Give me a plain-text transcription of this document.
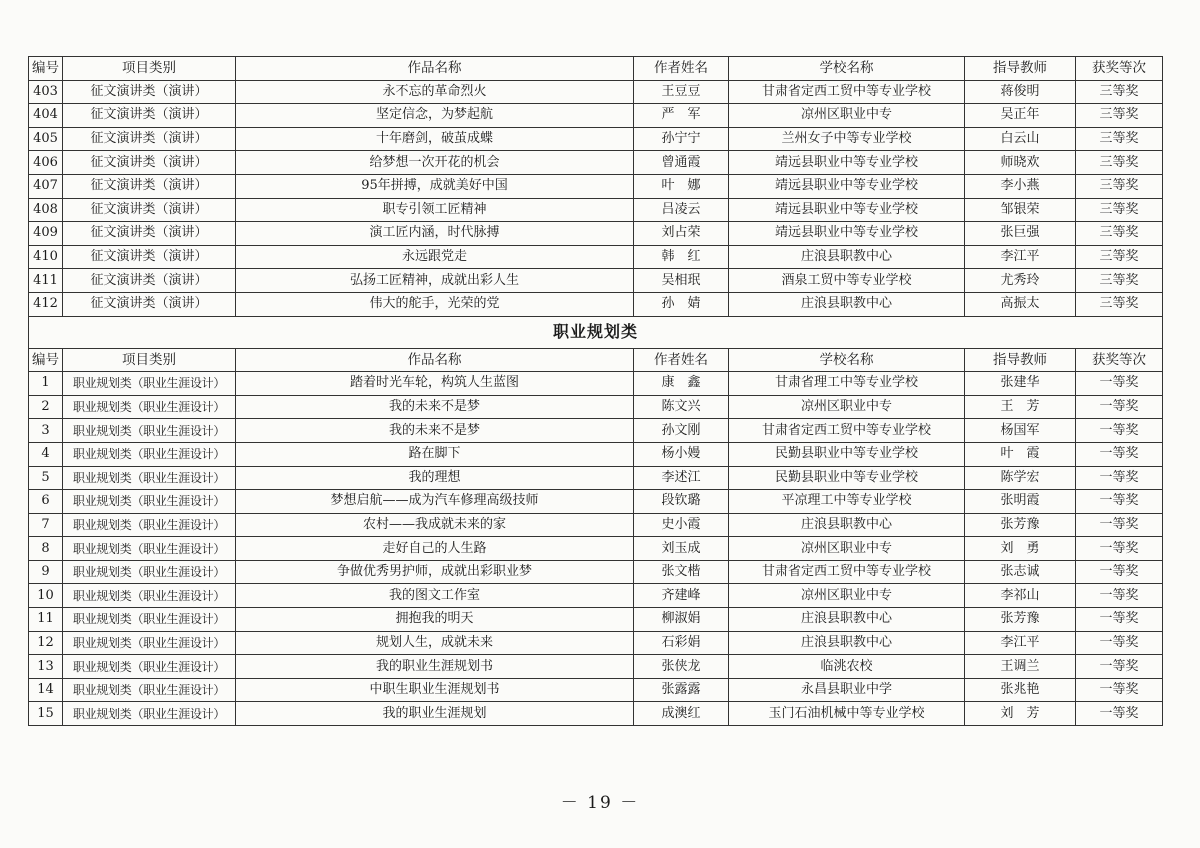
编号	项目类别	作品名称	作者姓名	学校名称	指导教师	获奖等次
403	征文演讲类（演讲）	永不忘的革命烈火	王豆豆	甘肃省定西工贸中等专业学校	蒋俊明	三等奖
404	征文演讲类（演讲）	坚定信念，为梦起航	严　军	凉州区职业中专	吴正年	三等奖
405	征文演讲类（演讲）	十年磨剑，破茧成蝶	孙宁宁	兰州女子中等专业学校	白云山	三等奖
406	征文演讲类（演讲）	给梦想一次开花的机会	曾通霞	靖远县职业中等专业学校	师晓欢	三等奖
407	征文演讲类（演讲）	95年拼搏，成就美好中国	叶　娜	靖远县职业中等专业学校	李小燕	三等奖
408	征文演讲类（演讲）	职专引领工匠精神	吕凌云	靖远县职业中等专业学校	邹银荣	三等奖
409	征文演讲类（演讲）	演工匠内涵，时代脉搏	刘占荣	靖远县职业中等专业学校	张巨强	三等奖
410	征文演讲类（演讲）	永远跟党走	韩　红	庄浪县职教中心	李江平	三等奖
411	征文演讲类（演讲）	弘扬工匠精神，成就出彩人生	吴相珉	酒泉工贸中等专业学校	尤秀玲	三等奖
412	征文演讲类（演讲）	伟大的舵手，光荣的党	孙　婧	庄浪县职教中心	高振太	三等奖
职业规划类						
编号	项目类别	作品名称	作者姓名	学校名称	指导教师	获奖等次
1	职业规划类（职业生涯设计）	踏着时光车轮，构筑人生蓝图	康　鑫	甘肃省理工中等专业学校	张建华	一等奖
2	职业规划类（职业生涯设计）	我的未来不是梦	陈文兴	凉州区职业中专	王　芳	一等奖
3	职业规划类（职业生涯设计）	我的未来不是梦	孙文刚	甘肃省定西工贸中等专业学校	杨国军	一等奖
4	职业规划类（职业生涯设计）	路在脚下	杨小嫚	民勤县职业中等专业学校	叶　霞	一等奖
5	职业规划类（职业生涯设计）	我的理想	李述江	民勤县职业中等专业学校	陈学宏	一等奖
6	职业规划类（职业生涯设计）	梦想启航——成为汽车修理高级技师	段钦璐	平凉理工中等专业学校	张明霞	一等奖
7	职业规划类（职业生涯设计）	农村——我成就未来的家	史小霞	庄浪县职教中心	张芳豫	一等奖
8	职业规划类（职业生涯设计）	走好自己的人生路	刘玉成	凉州区职业中专	刘　勇	一等奖
9	职业规划类（职业生涯设计）	争做优秀男护师，成就出彩职业梦	张文楷	甘肃省定西工贸中等专业学校	张志诚	一等奖
10	职业规划类（职业生涯设计）	我的图文工作室	齐建峰	凉州区职业中专	李祁山	一等奖
11	职业规划类（职业生涯设计）	拥抱我的明天	柳淑娟	庄浪县职教中心	张芳豫	一等奖
12	职业规划类（职业生涯设计）	规划人生，成就未来	石彩娟	庄浪县职教中心	李江平	一等奖
13	职业规划类（职业生涯设计）	我的职业生涯规划书	张侠龙	临洮农校	王调兰	一等奖
14	职业规划类（职业生涯设计）	中职生职业生涯规划书	张露露	永昌县职业中学	张兆艳	一等奖
15	职业规划类（职业生涯设计）	我的职业生涯规划	成澳红	玉门石油机械中等专业学校	刘　芳	一等奖
－ 19 －
